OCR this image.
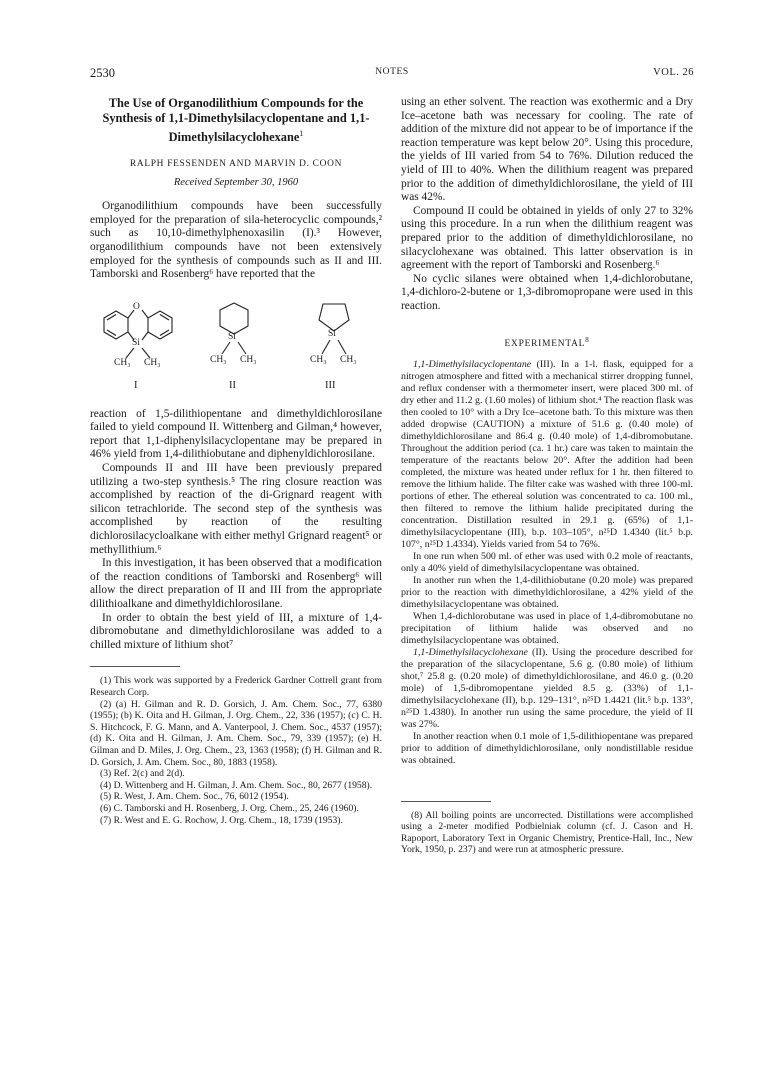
2530	NOTES	VOL. 26
The Use of Organodilithium Compounds for the Synthesis of 1,1-Dimethylsilacyclopentane and 1,1-Dimethylsilacyclohexane$^1$
RALPH FESSENDEN AND MARVIN D. COON
Received September 30, 1960

Organodilithium compounds have been successfully employed for the preparation of sila-heterocyclic compounds,² such as 10,10-dimethylphenoxasilin (I).³ However, organodilithium compounds have not been extensively employed for the synthesis of compounds such as II and III. Tamborski and Rosenberg⁶ have reported that the

O
Si
CH₃ CH₃
Si
CH₃ CH₃
Si
CH₃ CH₃
I	II	III

reaction of 1,5-dilithiopentane and dimethyldichlorosilane failed to yield compound II. Wittenberg and Gilman,⁴ however, report that 1,1-diphenylsilacyclopentane may be prepared in 46% yield from 1,4-dilithiobutane and diphenyldichlorosilane.

Compounds II and III have been previously prepared utilizing a two-step synthesis.⁵ The ring closure reaction was accomplished by reaction of the di-Grignard reagent with silicon tetrachloride. The second step of the synthesis was accomplished by reaction of the resulting dichlorosilacycloalkane with either methyl Grignard reagent⁵ or methyllithium.⁶

In this investigation, it has been observed that a modification of the reaction conditions of Tamborski and Rosenberg⁶ will allow the direct preparation of II and III from the appropriate dilithioalkane and dimethyldichlorosilane.

In order to obtain the best yield of III, a mixture of 1,4-dibromobutane and dimethyldichlorosilane was added to a chilled mixture of lithium shot⁷

(1) This work was supported by a Frederick Gardner Cottrell grant from Research Corp.

(2) (a) H. Gilman and R. D. Gorsich, J. Am. Chem. Soc., 77, 6380 (1955); (b) K. Oita and H. Gilman, J. Org. Chem., 22, 336 (1957); (c) C. H. S. Hitchcock, F. G. Mann, and A. Vanterpool, J. Chem. Soc., 4537 (1957); (d) K. Oita and H. Gilman, J. Am. Chem. Soc., 79, 339 (1957); (e) H. Gilman and D. Miles, J. Org. Chem., 23, 1363 (1958); (f) H. Gilman and R. D. Gorsich, J. Am. Chem. Soc., 80, 1883 (1958).

(3) Ref. 2(c) and 2(d).

(4) D. Wittenberg and H. Gilman, J. Am. Chem. Soc., 80, 2677 (1958).

(5) R. West, J. Am. Chem. Soc., 76, 6012 (1954).

(6) C. Tamborski and H. Rosenberg, J. Org. Chem., 25, 246 (1960).

(7) R. West and E. G. Rochow, J. Org. Chem., 18, 1739 (1953).

using an ether solvent. The reaction was exothermic and a Dry Ice–acetone bath was necessary for cooling. The rate of addition of the mixture did not appear to be of importance if the reaction temperature was kept below 20°. Using this procedure, the yields of III varied from 54 to 76%. Dilution reduced the yield of III to 40%. When the dilithium reagent was prepared prior to the addition of dimethyldichlorosilane, the yield of III was 42%.

Compound II could be obtained in yields of only 27 to 32% using this procedure. In a run when the dilithium reagent was prepared prior to the addition of dimethyldichlorosilane, no silacyclohexane was obtained. This latter observation is in agreement with the report of Tamborski and Rosenberg.⁶

No cyclic silanes were obtained when 1,4-dichlorobutane, 1,4-dichloro-2-butene or 1,3-dibromopropane were used in this reaction.

EXPERIMENTAL$^8$

1,1-Dimethylsilacyclopentane (III). In a 1-l. flask, equipped for a nitrogen atmosphere and fitted with a mechanical stirrer dropping funnel, and reflux condenser with a thermometer insert, were placed 300 ml. of dry ether and 11.2 g. (1.60 moles) of lithium shot.⁴ The reaction flask was then cooled to 10° with a Dry Ice–acetone bath. To this mixture was then added dropwise (CAUTION) a mixture of 51.6 g. (0.40 mole) of dimethyldichlorosilane and 86.4 g. (0.40 mole) of 1,4-dibromobutane. Throughout the addition period (ca. 1 hr.) care was taken to maintain the temperature of the reactants below 20°. After the addition had been completed, the mixture was heated under reflux for 1 hr. then filtered to remove the lithium halide. The filter cake was washed with three 100-ml. portions of ether. The ethereal solution was concentrated to ca. 100 ml., then filtered to remove the lithium halide precipitated during the concentration. Distillation resulted in 29.1 g. (65%) of 1,1-dimethylsilacyclopentane (III), b.p. 103–105°, n²⁵D 1.4340 (lit.⁵ b.p. 107°, n²⁵D 1.4334). Yields varied from 54 to 76%.

In one run when 500 ml. of ether was used with 0.2 mole of reactants, only a 40% yield of dimethylsilacyclopentane was obtained.

In another run when the 1,4-dilithiobutane (0.20 mole) was prepared prior to the reaction with dimethyldichlorosilane, a 42% yield of the dimethylsilacyclopentane was obtained.

When 1,4-dichlorobutane was used in place of 1,4-dibromobutane no precipitation of lithium halide was observed and no dimethylsilacyclopentane was obtained.

1,1-Dimethylsilacyclohexane (II). Using the procedure described for the preparation of the silacyclopentane, 5.6 g. (0.80 mole) of lithium shot,⁷ 25.8 g. (0.20 mole) of dimethyldichlorosilane, and 46.0 g. (0.20 mole) of 1,5-dibromopentane yielded 8.5 g. (33%) of 1,1-dimethylsilacyclohexane (II), b.p. 129–131°, n²⁵D 1.4421 (lit.⁵ b.p. 133°, n²⁵D 1.4380). In another run using the same procedure, the yield of II was 27%.

In another reaction when 0.1 mole of 1,5-dilithiopentane was prepared prior to addition of dimethyldichlorosilane, only nondistillable residue was obtained.

(8) All boiling points are uncorrected. Distillations were accomplished using a 2-meter modified Podbielniak column (cf. J. Cason and H. Rapoport, Laboratory Text in Organic Chemistry, Prentice-Hall, Inc., New York, 1950, p. 237) and were run at atmospheric pressure.
